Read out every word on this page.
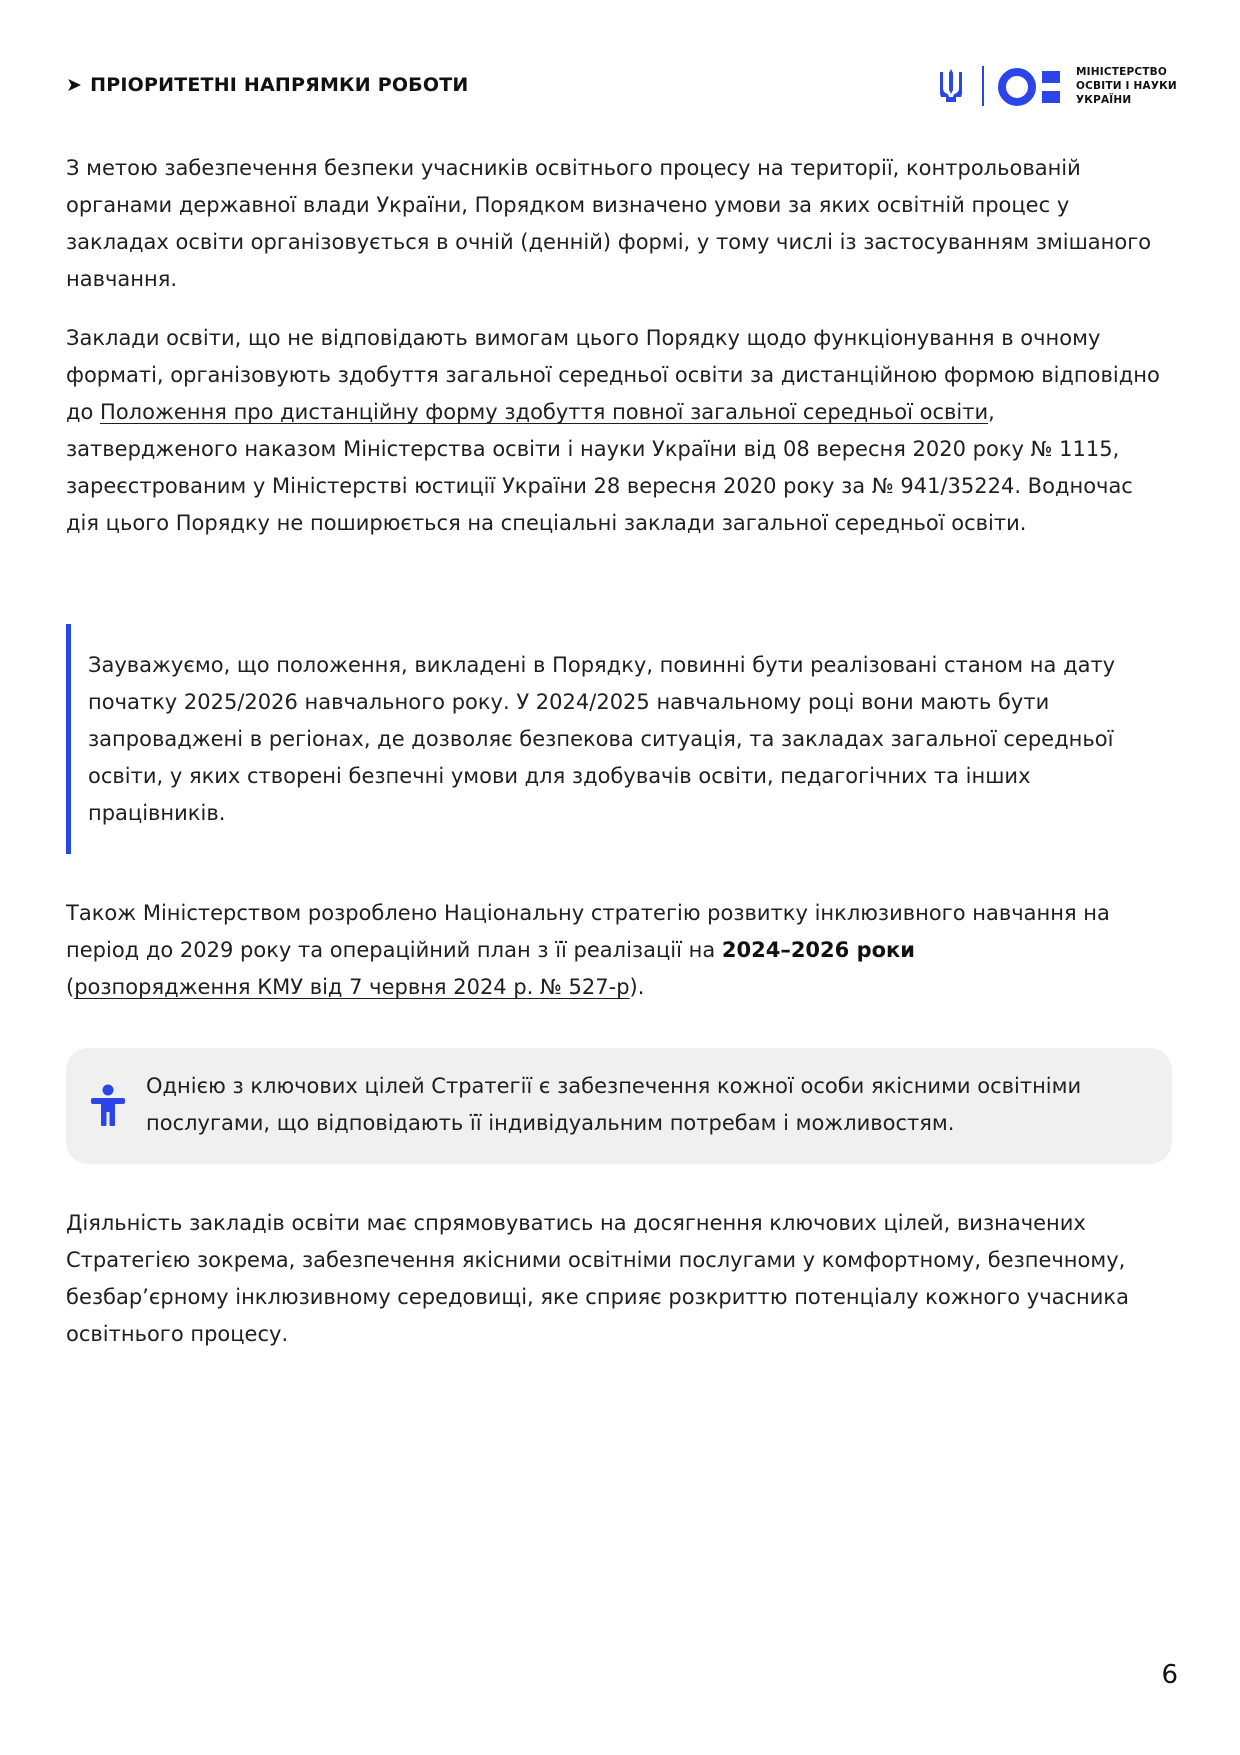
➤ ПРІОРИТЕТНІ НАПРЯМКИ РОБОТИ
МІНІСТЕРСТВО
ОСВІТИ І НАУКИ
УКРАЇНИ

З метою забезпечення безпеки учасників освітнього процесу на території, контрольованій органами державної влади України, Порядком визначено умови за яких освітній процес у закладах освіти організовується в очній (денній) формі, у тому числі із застосуванням змішаного навчання.

Заклади освіти, що не відповідають вимогам цього Порядку щодо функціонування в очному форматі, організовують здобуття загальної середньої освіти за дистанційною формою відповідно до Положення про дистанційну форму здобуття повної загальної середньої освіти, затвердженого наказом Міністерства освіти і науки України від 08 вересня 2020 року № 1115, зареєстрованим у Міністерстві юстиції України 28 вересня 2020 року за № 941/35224. Водночас дія цього Порядку не поширюється на спеціальні заклади загальної середньої освіти.

Зауважуємо, що положення, викладені в Порядку, повинні бути реалізовані станом на дату початку 2025/2026 навчального року. У 2024/2025 навчальному році вони мають бути запроваджені в регіонах, де дозволяє безпекова ситуація, та закладах загальної середньої освіти, у яких створені безпечні умови для здобувачів освіти, педагогічних та інших працівників.

Також Міністерством розроблено Національну стратегію розвитку інклюзивного навчання на період до 2029 року та операційний план з її реалізації на 2024–2026 роки
(розпорядження КМУ від 7 червня 2024 р. № 527-р).

Однією з ключових цілей Стратегії є забезпечення кожної особи якісними освітніми послугами, що відповідають її індивідуальним потребам і можливостям.

Діяльність закладів освіти має спрямовуватись на досягнення ключових цілей, визначених Стратегією зокрема, забезпечення якісними освітніми послугами у комфортному, безпечному, безбар’єрному інклюзивному середовищі, яке сприяє розкриттю потенціалу кожного учасника освітнього процесу.

6
